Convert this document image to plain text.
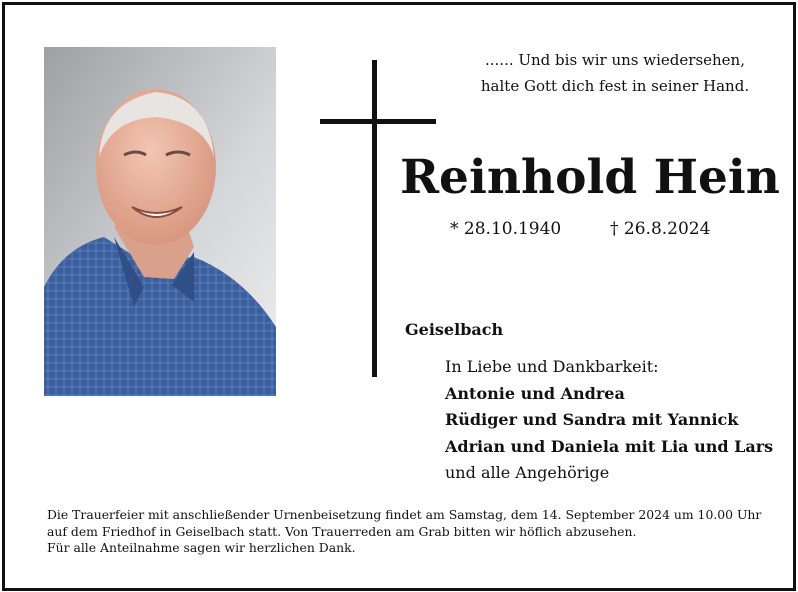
...... Und bis wir uns wiedersehen,
halte Gott dich fest in seiner Hand.
Reinhold Hein
* 28.10.1940	† 26.8.2024
Geiselbach
In Liebe und Dankbarkeit:
Antonie und Andrea
Rüdiger und Sandra mit Yannick
Adrian und Daniela mit Lia und Lars
und alle Angehörige
Die Trauerfeier mit anschließender Urnenbeisetzung findet am Samstag, dem 14. September 2024 um 10.00 Uhr
auf dem Friedhof in Geiselbach statt. Von Trauerreden am Grab bitten wir höflich abzusehen.
Für alle Anteilnahme sagen wir herzlichen Dank.
